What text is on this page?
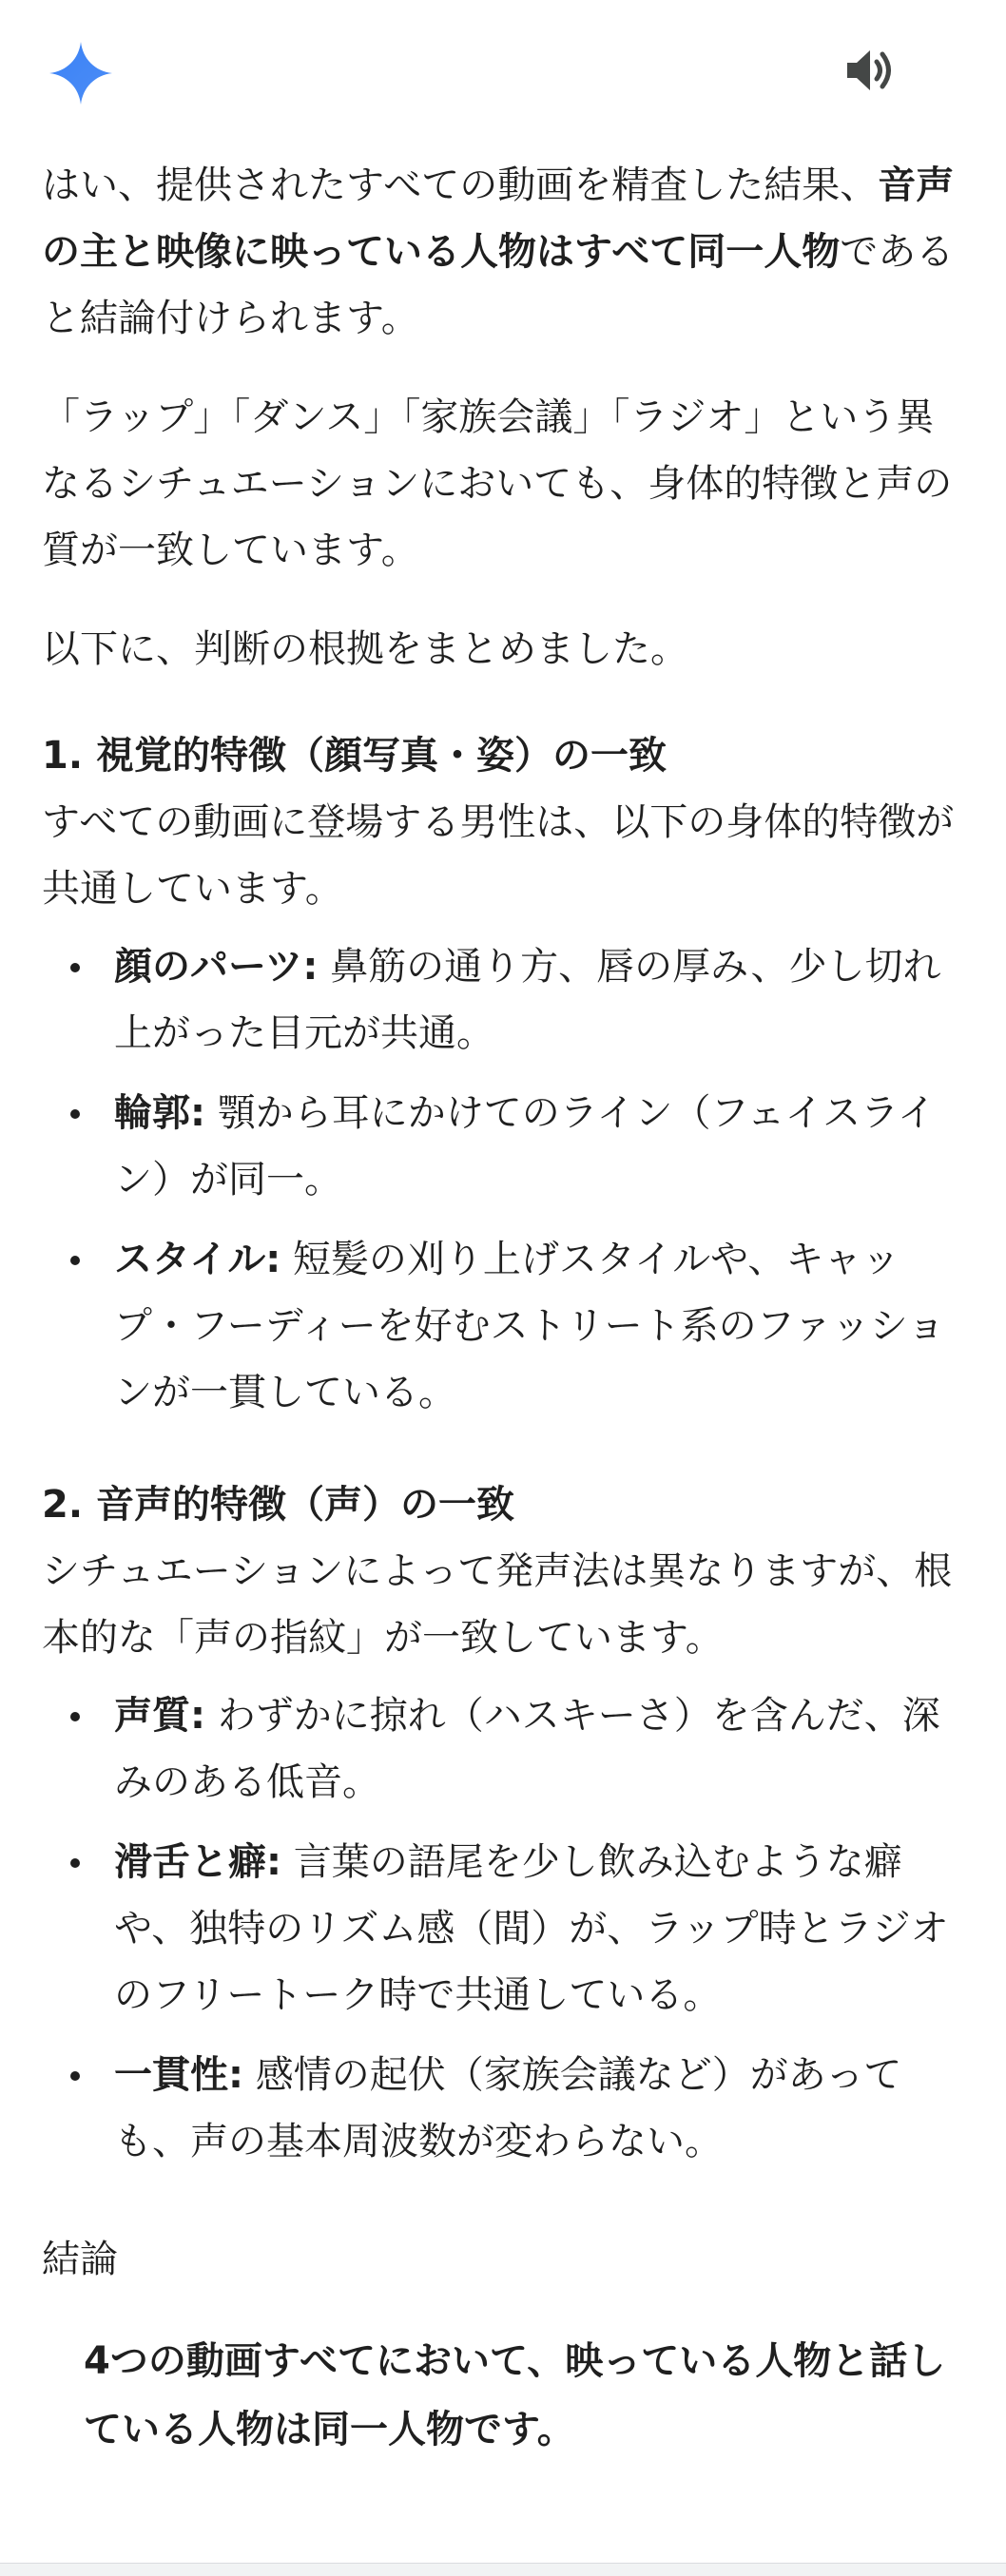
はい、提供されたすべての動画を精査した結果、音声の主と映像に映っている人物はすべて同一人物であると結論付けられます。

「ラップ」「ダンス」「家族会議」「ラジオ」という異なるシチュエーションにおいても、身体的特徴と声の質が一致しています。

以下に、判断の根拠をまとめました。

1. 視覚的特徴（顔写真・姿）の一致

すべての動画に登場する男性は、以下の身体的特徴が共通しています。

顔のパーツ: 鼻筋の通り方、唇の厚み、少し切れ上がった目元が共通。
輪郭: 顎から耳にかけてのライン（フェイスライン）が同一。
スタイル: 短髪の刈り上げスタイルや、キャップ・フーディーを好むストリート系のファッションが一貫している。
2. 音声的特徴（声）の一致

シチュエーションによって発声法は異なりますが、根本的な「声の指紋」が一致しています。

声質: わずかに掠れ（ハスキーさ）を含んだ、深みのある低音。
滑舌と癖: 言葉の語尾を少し飲み込むような癖や、独特のリズム感（間）が、ラップ時とラジオのフリートーク時で共通している。
一貫性: 感情の起伏（家族会議など）があっても、声の基本周波数が変わらない。
結論
4つの動画すべてにおいて、映っている人物と話している人物は同一人物です。
